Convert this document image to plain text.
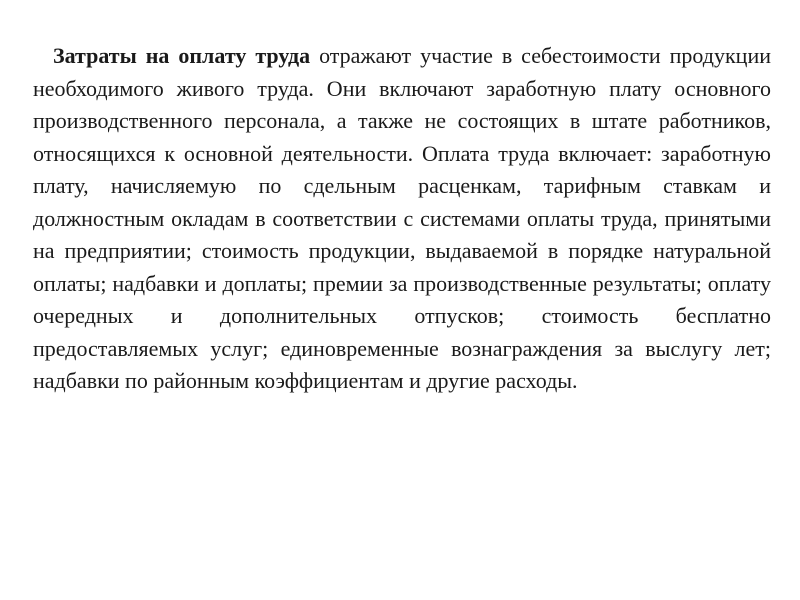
Затраты на оплату труда отражают участие в себестоимости продукции необходимого живого труда. Они включают заработную плату основного производственного персонала, а также не состоящих в штате работников, относящихся к основной деятельности. Оплата труда включает: заработную плату, начисляемую по сдельным расценкам, тарифным ставкам и должностным окладам в соответствии с системами оплаты труда, принятыми на предприятии; стоимость продукции, выдаваемой в порядке натуральной оплаты; надбавки и доплаты; премии за производственные результаты; оплату очередных и дополнительных отпусков; стоимость бесплатно предоставляемых услуг; единовременные вознаграждения за выслугу лет; надбавки по районным коэффициентам и другие расходы.
